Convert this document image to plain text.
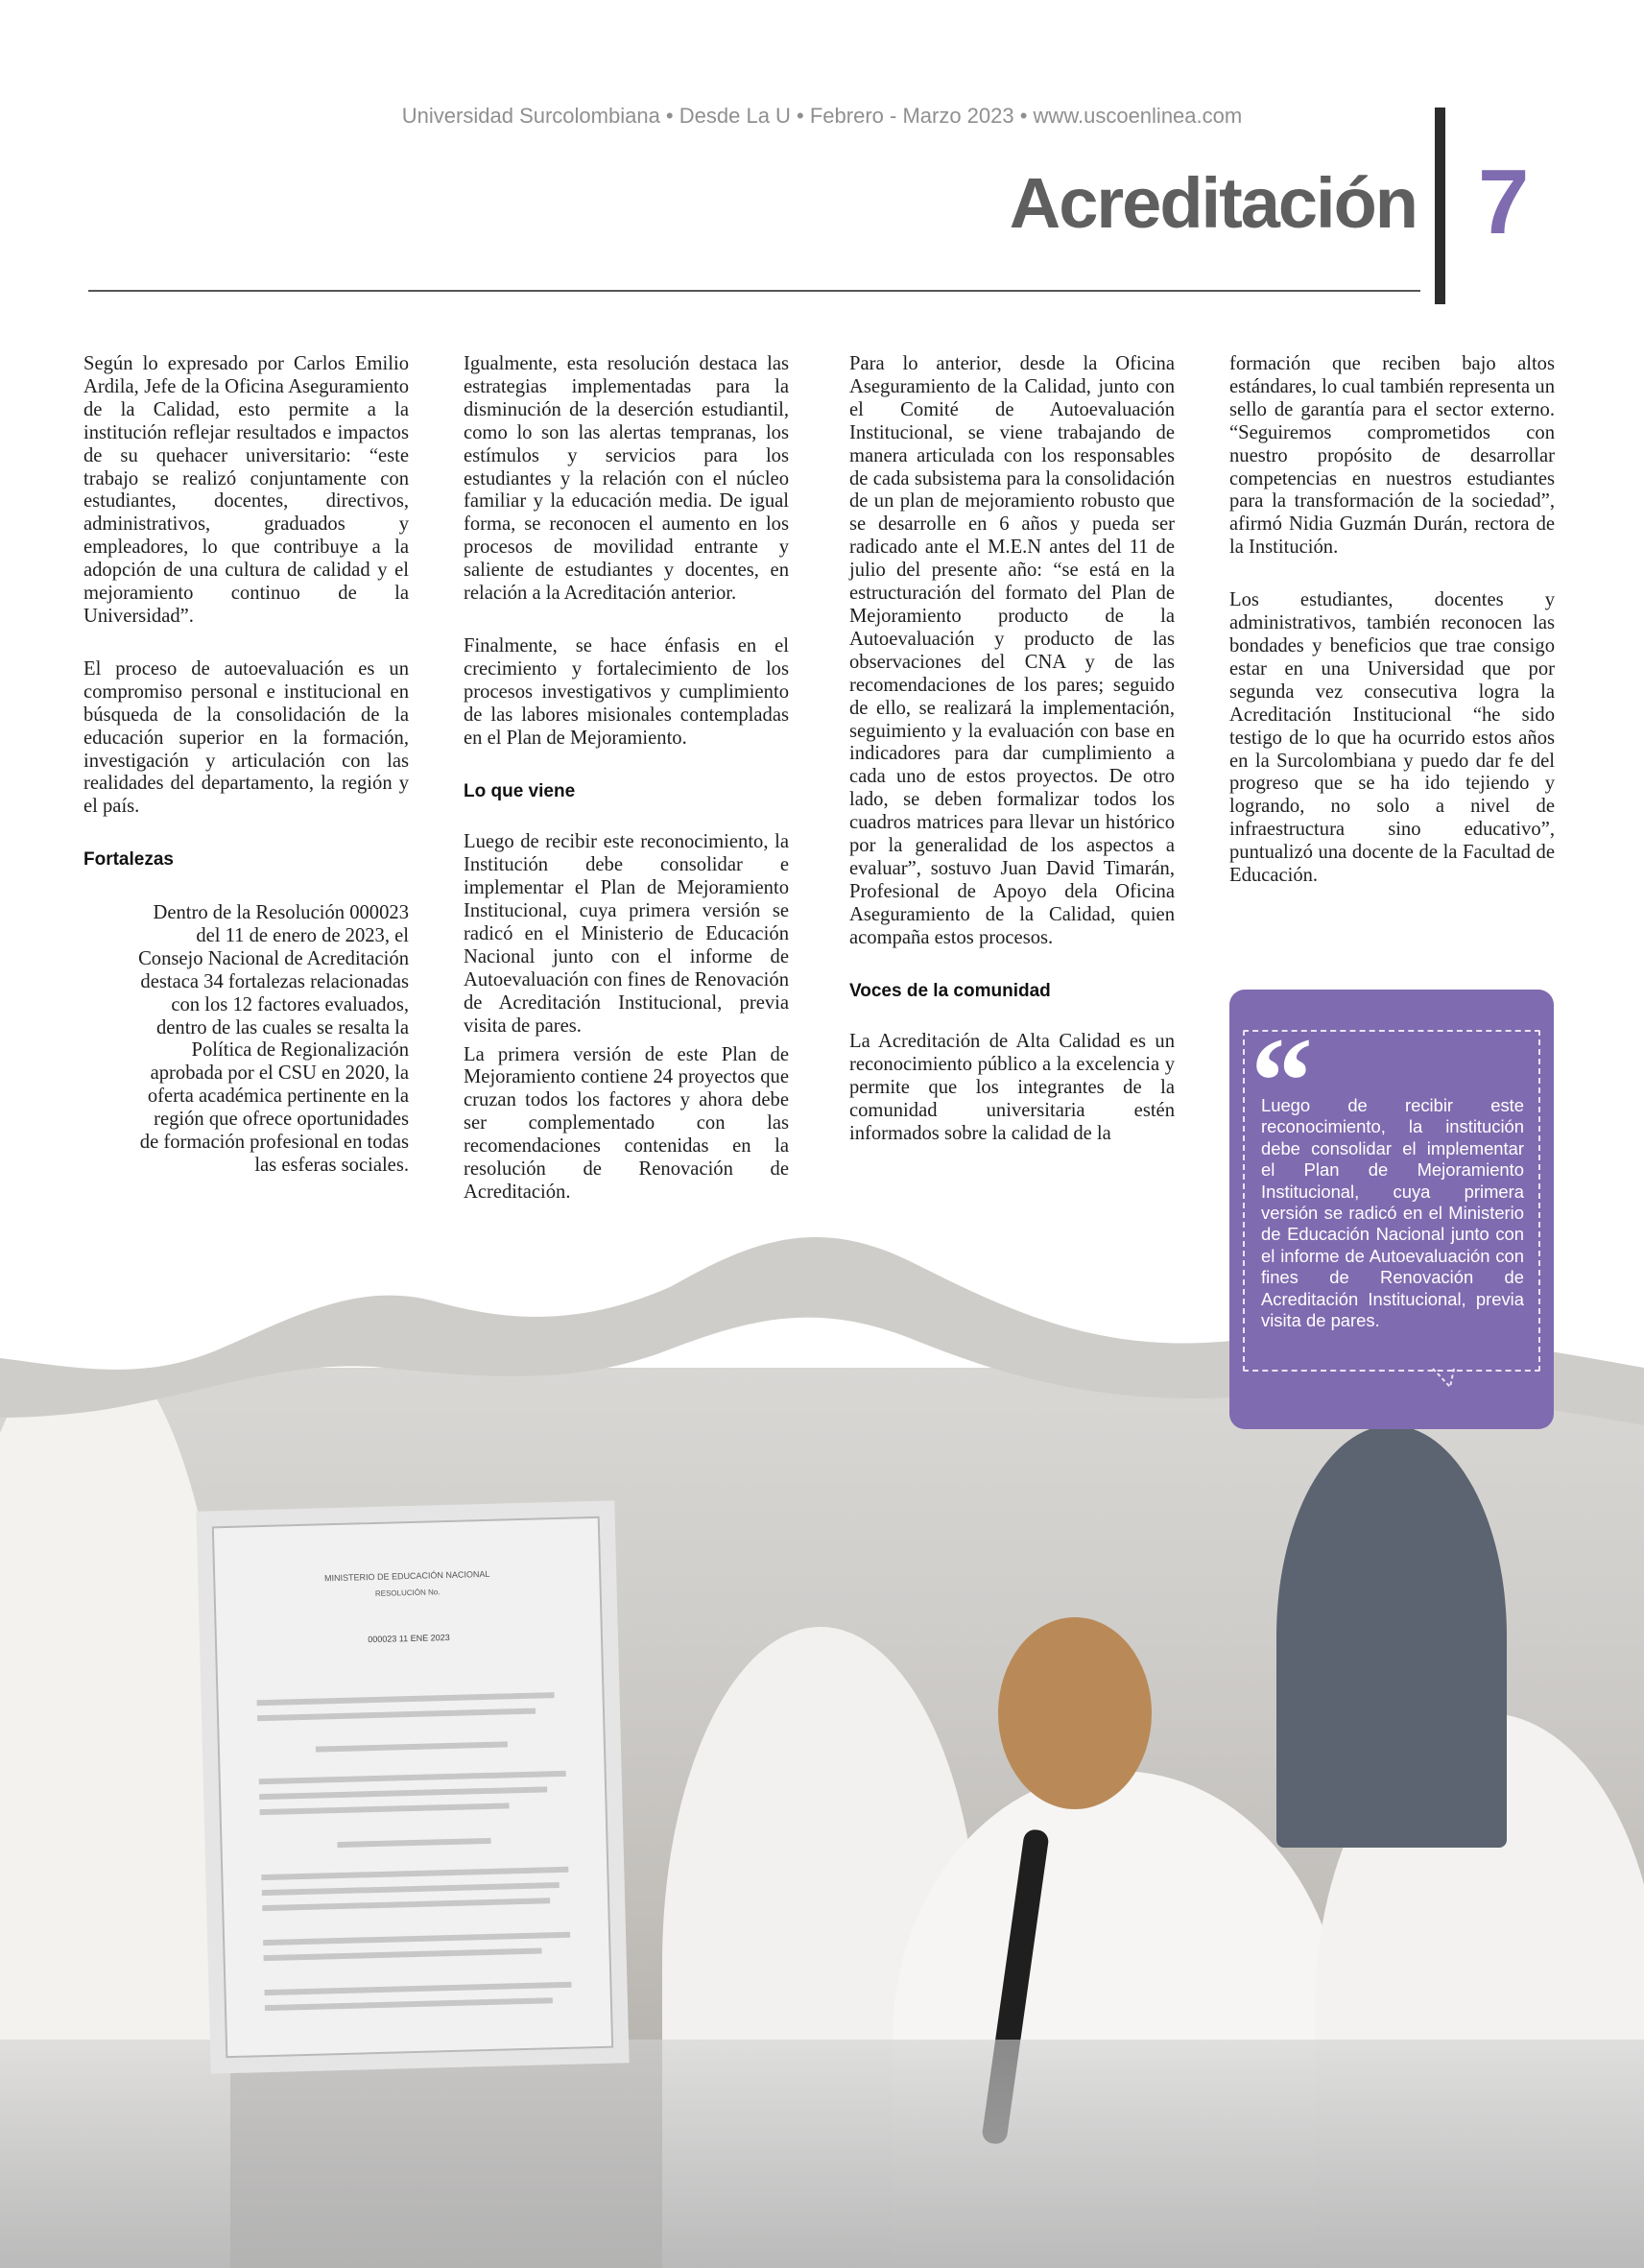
Universidad Surcolombiana • Desde La U • Febrero - Marzo 2023 • www.uscoenlinea.com
Acreditación 7
MINISTERIO DE EDUCACIÓN NACIONAL
RESOLUCIÓN No.
000023 11 ENE 2023

Según lo expresado por Carlos Emilio Ardila, Jefe de la Oficina Aseguramiento de la Calidad, esto permite a la institución reflejar resultados e impactos de su quehacer universitario: “este trabajo se realizó conjuntamente con estudiantes, docentes, directivos, administrativos, graduados y empleadores, lo que contribuye a la adopción de una cultura de calidad y el mejoramiento continuo de la Universidad”.

El proceso de autoevaluación es un compromiso personal e institucional en búsqueda de la consolidación de la educación superior en la formación, investigación y articulación con las realidades del departamento, la región y el país.

Fortalezas
Dentro de la Resolución 000023 del 11 de enero de 2023, el Consejo Nacional de Acreditación destaca 34 fortalezas relacionadas con los 12 factores evaluados, dentro de las cuales se resalta la Política de Regionalización aprobada por el CSU en 2020, la oferta académica pertinente en la región que ofrece oportunidades de formación profesional en todas las esferas sociales.

Igualmente, esta resolución destaca las estrategias implementadas para la disminución de la deserción estudiantil, como lo son las alertas tempranas, los estímulos y servicios para los estudiantes y la relación con el núcleo familiar y la educación media. De igual forma, se reconocen el aumento en los procesos de movilidad entrante y saliente de estudiantes y docentes, en relación a la Acreditación anterior.

Finalmente, se hace énfasis en el crecimiento y fortalecimiento de los procesos investigativos y cumplimiento de las labores misionales contempladas en el Plan de Mejoramiento.

Lo que viene

Luego de recibir este reconocimiento, la Institución debe consolidar e implementar el Plan de Mejoramiento Institucional, cuya primera versión se radicó en el Ministerio de Educación Nacional junto con el informe de Autoevaluación con fines de Renovación de Acreditación Institucional, previa visita de pares.

La primera versión de este Plan de Mejoramiento contiene 24 proyectos que cruzan todos los factores y ahora debe ser complementado con las recomendaciones contenidas en la resolución de Renovación de Acreditación.

Para lo anterior, desde la Oficina Aseguramiento de la Calidad, junto con el Comité de Autoevaluación Institucional, se viene trabajando de manera articulada con los responsables de cada subsistema para la consolidación de un plan de mejoramiento robusto que se desarrolle en 6 años y pueda ser radicado ante el M.E.N antes del 11 de julio del presente año: “se está en la estructuración del formato del Plan de Mejoramiento producto de la Autoevaluación y producto de las observaciones del CNA y de las recomendaciones de los pares; seguido de ello, se realizará la implementación, seguimiento y la evaluación con base en indicadores para dar cumplimiento a cada uno de estos proyectos. De otro lado, se deben formalizar todos los cuadros matrices para llevar un histórico por la generalidad de los aspectos a evaluar”, sostuvo Juan David Timarán, Profesional de Apoyo dela Oficina Aseguramiento de la Calidad, quien acompaña estos procesos.

Voces de la comunidad

La Acreditación de Alta Calidad es un reconocimiento público a la excelencia y permite que los integrantes de la comunidad universitaria estén informados sobre la calidad de la

formación que reciben bajo altos estándares, lo cual también representa un sello de garantía para el sector externo. “Seguiremos comprometidos con nuestro propósito de desarrollar competencias en nuestros estudiantes para la transformación de la sociedad”, afirmó Nidia Guzmán Durán, rectora de la Institución.

Los estudiantes, docentes y administrativos, también reconocen las bondades y beneficios que trae consigo estar en una Universidad que por segunda vez consecutiva logra la Acreditación Institucional “he sido testigo de lo que ha ocurrido estos años en la Surcolombiana y puedo dar fe del progreso que se ha ido tejiendo y logrando, no solo a nivel de infraestructura sino educativo”, puntualizó una docente de la Facultad de Educación.

“
Luego de recibir este reconocimiento, la institución debe consolidar el implementar el Plan de Mejoramiento Institucional, cuya primera versión se radicó en el Ministerio de Educación Nacional junto con el informe de Autoevaluación con fines de Renovación de Acreditación Institucional, previa visita de pares.
